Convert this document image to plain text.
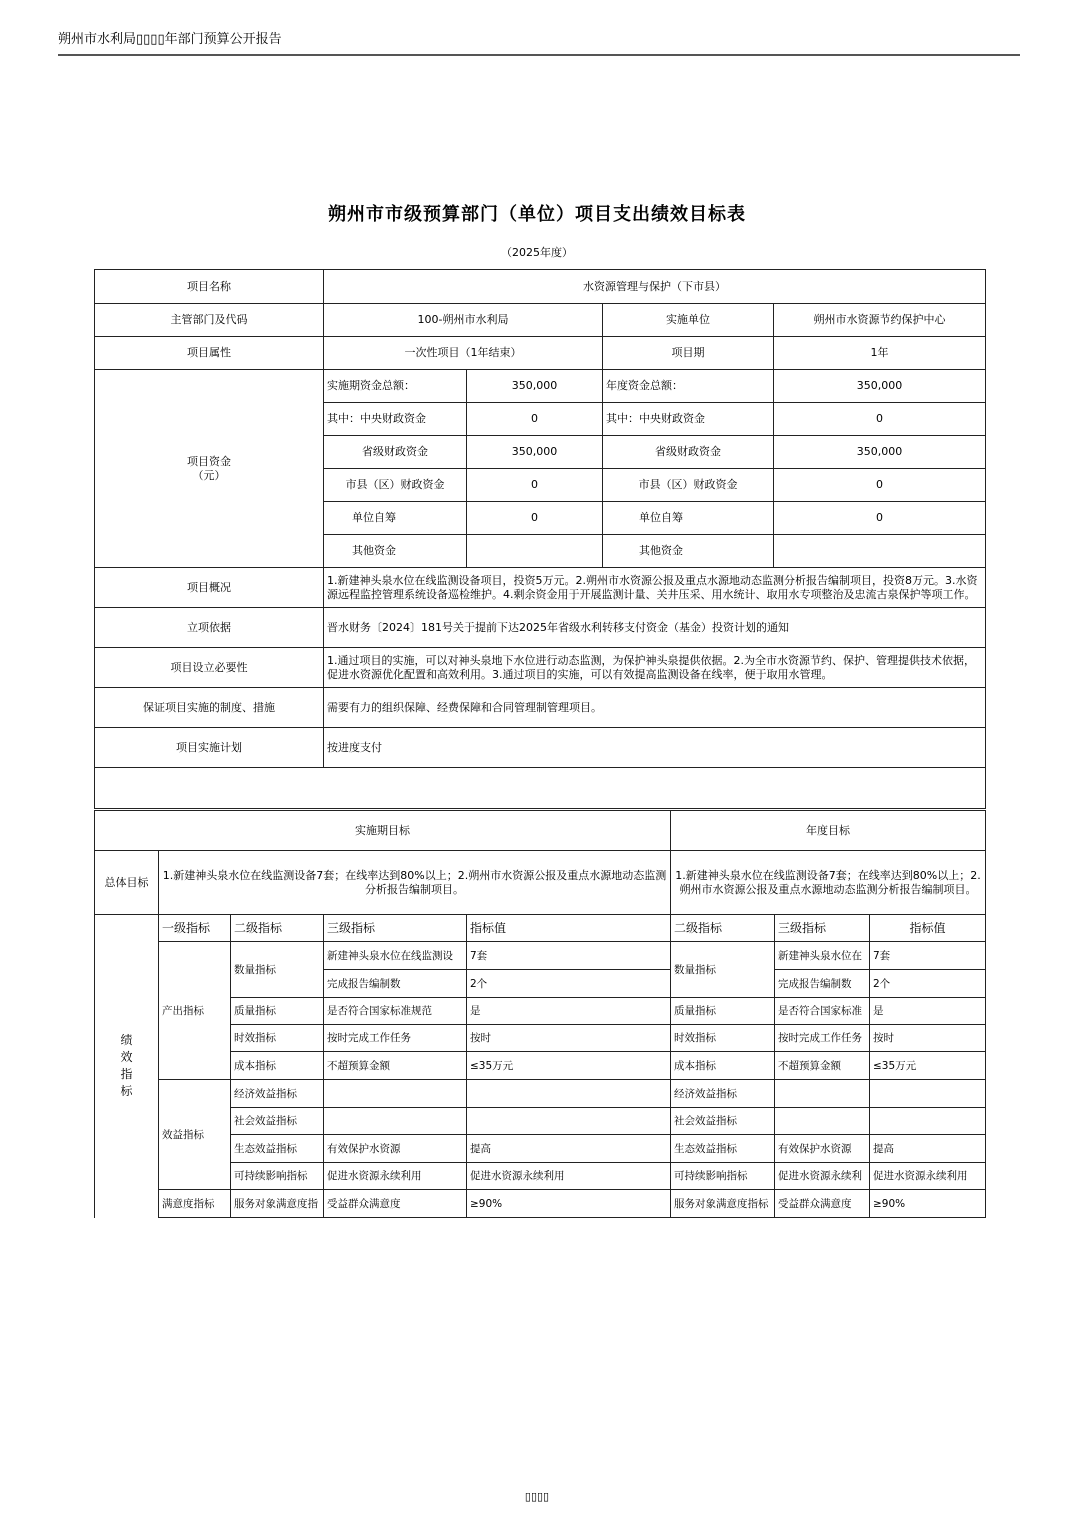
朔州市水利局▯▯▯▯年部门预算公开报告
朔州市市级预算部门（单位）项目支出绩效目标表
（2025年度）
项目名称	水资源管理与保护（下市县）			
主管部门及代码	100-朔州市水利局		实施单位	朔州市水资源节约保护中心
项目属性	一次性项目（1年结束）		项目期	1年
项目资金
（元）	实施期资金总额：	350,000	年度资金总额：	350,000
	其中：中央财政资金	0	其中：中央财政资金	0
	省级财政资金	350,000	省级财政资金	350,000
	市县（区）财政资金	0	市县（区）财政资金	0
	单位自筹	0	单位自筹	0
	其他资金		其他资金	
项目概况	1.新建神头泉水位在线监测设备项目，投资5万元。2.朔州市水资源公报及重点水源地动态监测分析报告编制项目，投资8万元。3.水资源远程监控管理系统设备巡检维护。4.剩余资金用于开展监测计量、关井压采、用水统计、取用水专项整治及忠流古泉保护等项工作。			

立项依据	晋水财务〔2024〕181号关于提前下达2025年省级水利转移支付资金（基金）投资计划的通知			
项目设立必要性	1.通过项目的实施，可以对神头泉地下水位进行动态监测，为保护神头泉提供依据。2.为全市水资源节约、保护、管理提供技术依据，促进水资源优化配置和高效利用。3.通过项目的实施，可以有效提高监测设备在线率，便于取用水管理。			

保证项目实施的制度、措施	需要有力的组织保障、经费保障和合同管理制管理项目。			
项目实施计划	按进度支付			

实施期目标		年度目标
总体目标	1.新建神头泉水位在线监测设备7套；在线率达到80%以上；2.朔州市水资源公报及重点水源地动态监测分析报告编制项目。	1.新建神头泉水位在线监测设备7套；在线率达到80%以上；2.朔州市水资源公报及重点水源地动态监测分析报告编制项目。
绩
效
指
标	一级指标	二级指标	三级指标	指标值	二级指标	三级指标	指标值
	产出指标	数量指标	新建神头泉水位在线监测设	7套	数量指标	新建神头泉水位在	7套
			完成报告编制数	2个		完成报告编制数	2个
		质量指标	是否符合国家标准规范	是	质量指标	是否符合国家标准	是
		时效指标	按时完成工作任务	按时	时效指标	按时完成工作任务	按时
		成本指标	不超预算金额	≤35万元	成本指标	不超预算金额	≤35万元
	效益指标	经济效益指标			经济效益指标		
		社会效益指标			社会效益指标		
		生态效益指标	有效保护水资源	提高	生态效益指标	有效保护水资源	提高
		可持续影响指标	促进水资源永续利用	促进水资源永续利用	可持续影响指标	促进水资源永续利	促进水资源永续利用
	满意度指标	服务对象满意度指	受益群众满意度	≥90%	服务对象满意度指标	受益群众满意度	≥90%
▯▯▯▯
